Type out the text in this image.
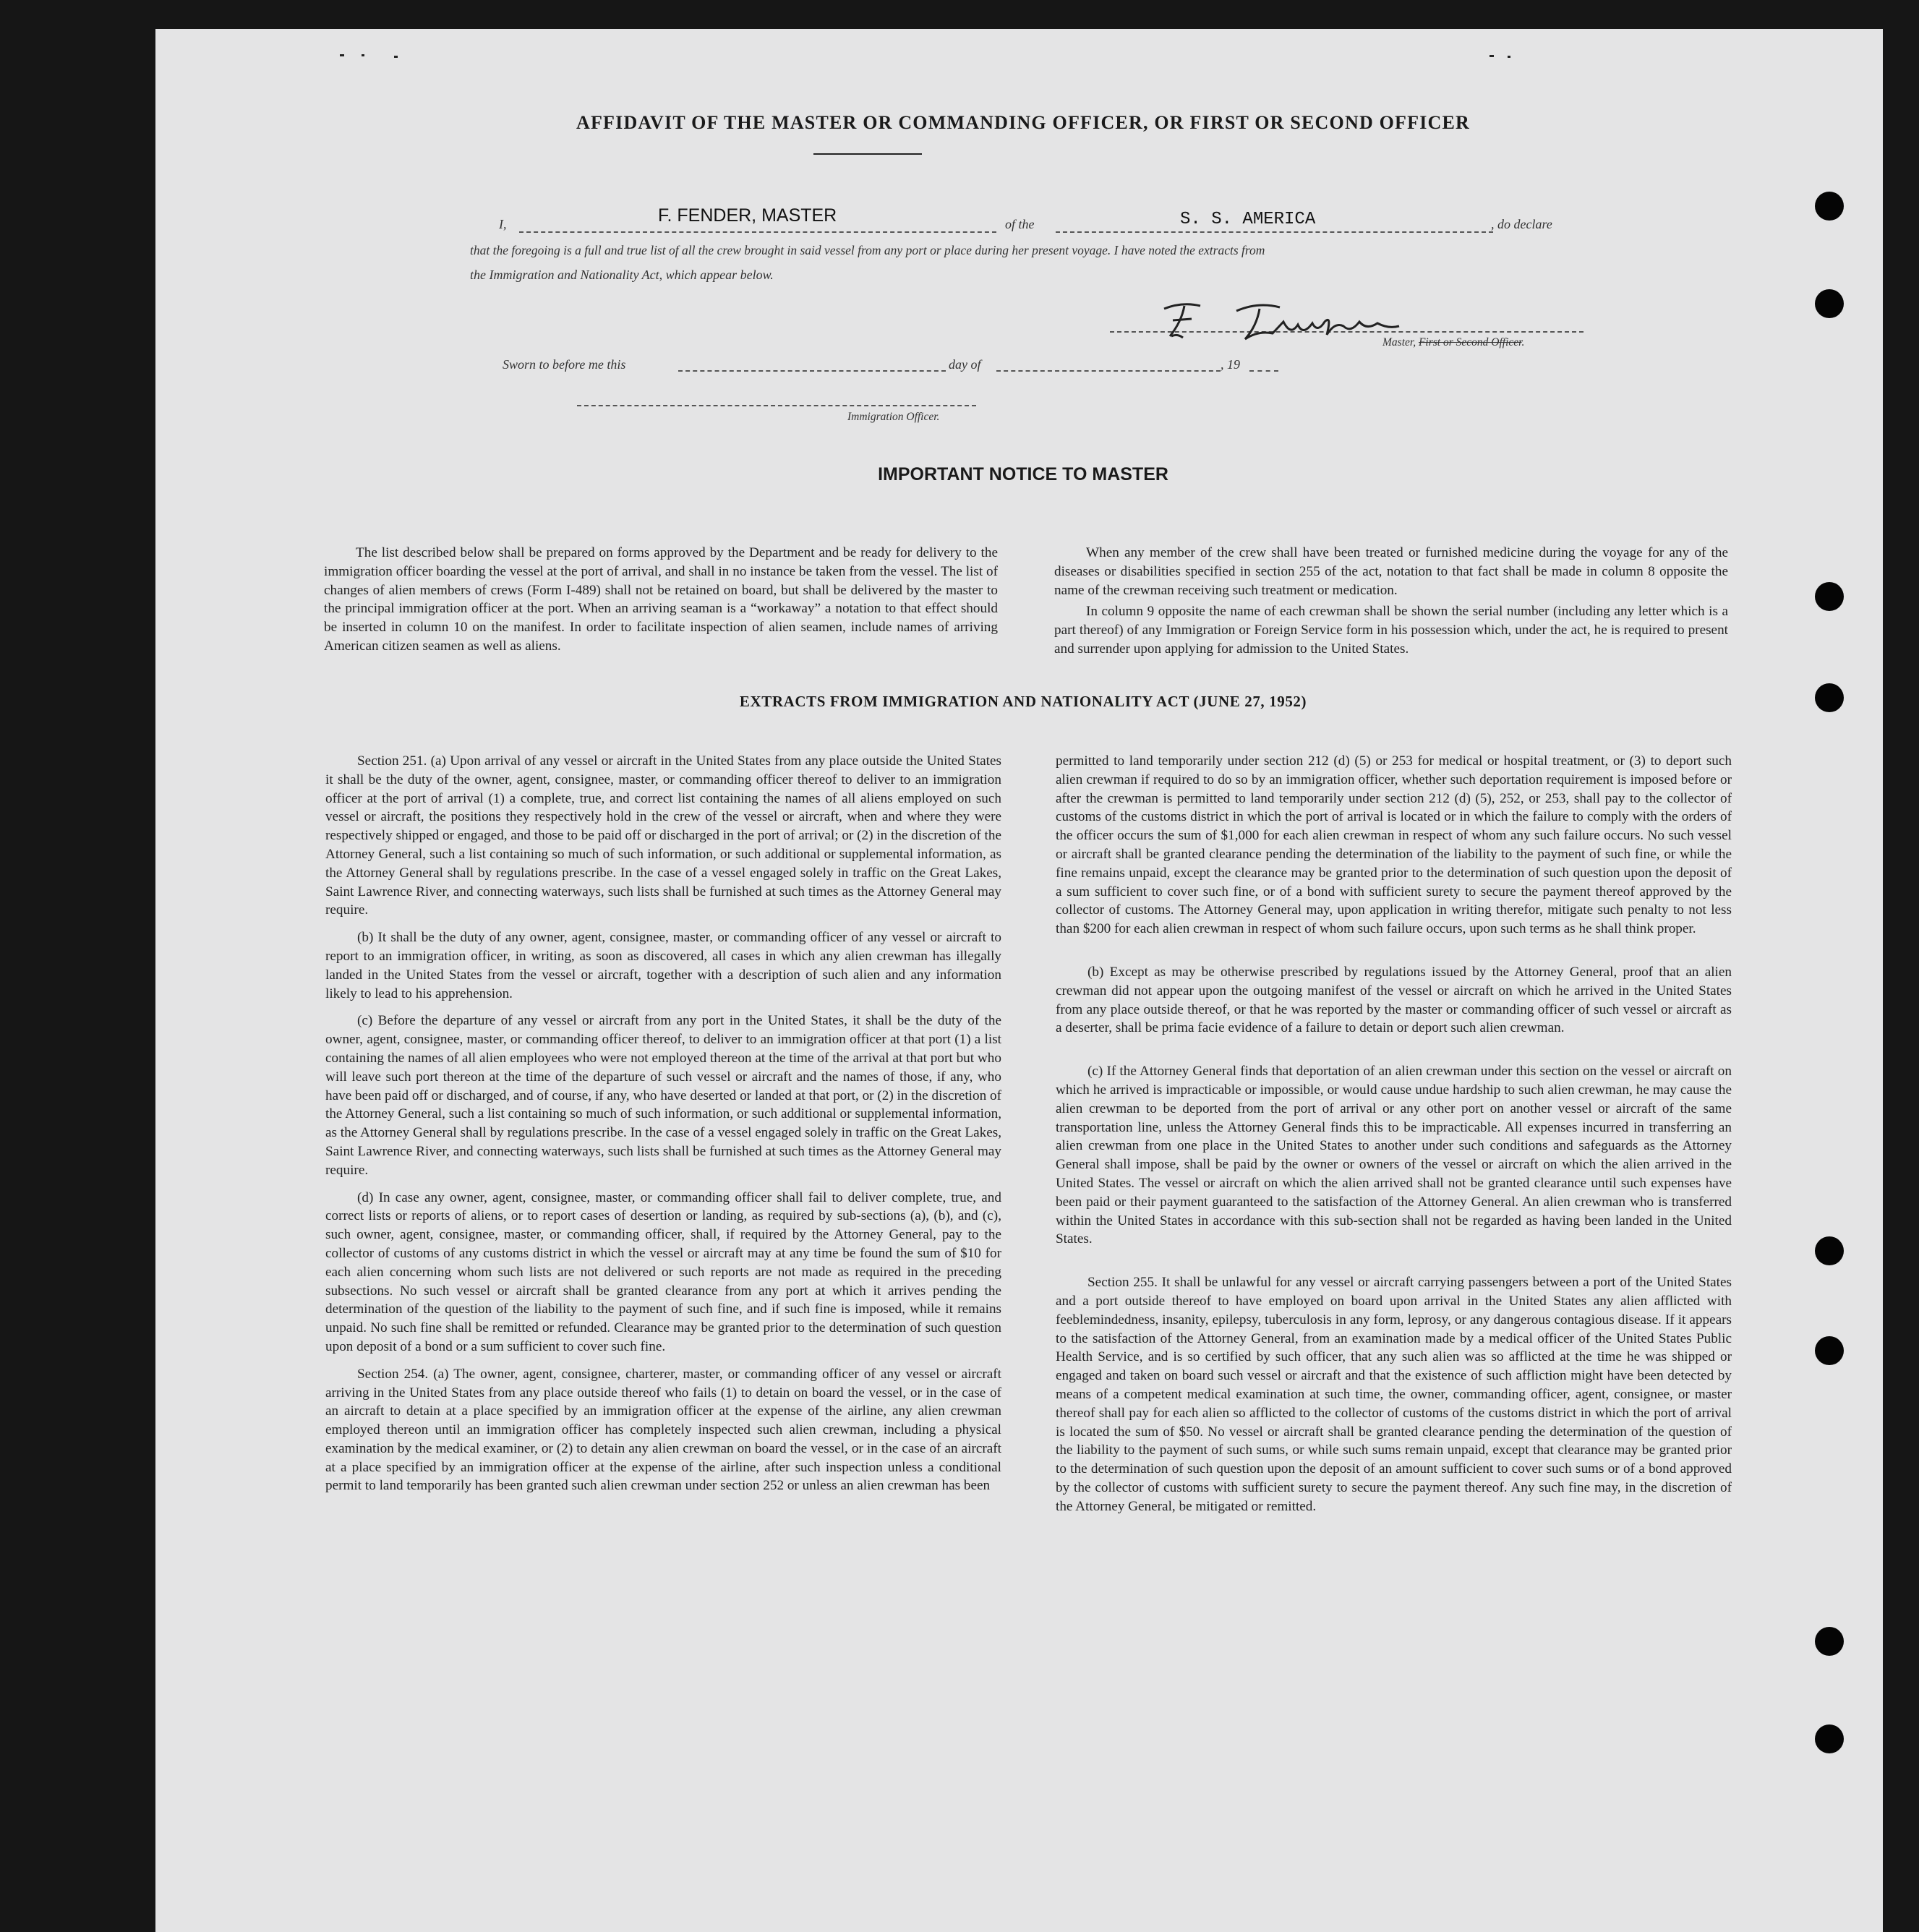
AFFIDAVIT OF THE MASTER OR COMMANDING OFFICER, OR FIRST OR SECOND OFFICER
I,	F. FENDER, MASTER	of the	S. S. AMERICA	, do declare
that the foregoing is a full and true list of all the crew brought in said vessel from any port or place during her present voyage. I have noted the extracts from
the Immigration and Nationality Act, which appear below.
F. Fender
Master, First or Second Officer.
Sworn to before me this	day of	, 19
Immigration Officer.
IMPORTANT NOTICE TO MASTER

The list described below shall be prepared on forms approved by the Department and be ready for delivery to the immigration officer boarding the vessel at the port of arrival, and shall in no instance be taken from the vessel. The list of changes of alien members of crews (Form I-489) shall not be retained on board, but shall be delivered by the master to the principal immigration officer at the port. When an arriving seaman is a “workaway” a notation to that effect should be inserted in column 10 on the manifest. In order to facilitate inspection of alien seamen, include names of arriving American citizen seamen as well as aliens.

When any member of the crew shall have been treated or furnished medicine during the voyage for any of the diseases or disabilities specified in section 255 of the act, notation to that fact shall be made in column 8 opposite the name of the crewman receiving such treatment or medication.

In column 9 opposite the name of each crewman shall be shown the serial number (including any letter which is a part thereof) of any Immigration or Foreign Service form in his possession which, under the act, he is required to present and surrender upon applying for admission to the United States.

EXTRACTS FROM IMMIGRATION AND NATIONALITY ACT (JUNE 27, 1952)

Section 251. (a) Upon arrival of any vessel or aircraft in the United States from any place outside the United States it shall be the duty of the owner, agent, consignee, master, or commanding officer thereof to deliver to an immigration officer at the port of arrival (1) a complete, true, and correct list containing the names of all aliens employed on such vessel or aircraft, the positions they respectively hold in the crew of the vessel or aircraft, when and where they were respectively shipped or engaged, and those to be paid off or discharged in the port of arrival; or (2) in the discretion of the Attorney General, such a list containing so much of such information, or such additional or supplemental information, as the Attorney General shall by regulations prescribe. In the case of a vessel engaged solely in traffic on the Great Lakes, Saint Lawrence River, and connecting waterways, such lists shall be furnished at such times as the Attorney General may require.

(b) It shall be the duty of any owner, agent, consignee, master, or commanding officer of any vessel or aircraft to report to an immigration officer, in writing, as soon as discovered, all cases in which any alien crewman has illegally landed in the United States from the vessel or aircraft, together with a description of such alien and any information likely to lead to his apprehension.

(c) Before the departure of any vessel or aircraft from any port in the United States, it shall be the duty of the owner, agent, consignee, master, or commanding officer thereof, to deliver to an immigration officer at that port (1) a list containing the names of all alien employees who were not employed thereon at the time of the arrival at that port but who will leave such port thereon at the time of the departure of such vessel or aircraft and the names of those, if any, who have been paid off or discharged, and of course, if any, who have deserted or landed at that port, or (2) in the discretion of the Attorney General, such a list containing so much of such information, or such additional or supplemental information, as the Attorney General shall by regulations prescribe. In the case of a vessel engaged solely in traffic on the Great Lakes, Saint Lawrence River, and connecting waterways, such lists shall be furnished at such times as the Attorney General may require.

(d) In case any owner, agent, consignee, master, or commanding officer shall fail to deliver complete, true, and correct lists or reports of aliens, or to report cases of desertion or landing, as required by sub-sections (a), (b), and (c), such owner, agent, consignee, master, or commanding officer, shall, if required by the Attorney General, pay to the collector of customs of any customs district in which the vessel or aircraft may at any time be found the sum of $10 for each alien concerning whom such lists are not delivered or such reports are not made as required in the preceding subsections. No such vessel or aircraft shall be granted clearance from any port at which it arrives pending the determination of the question of the liability to the payment of such fine, and if such fine is imposed, while it remains unpaid. No such fine shall be remitted or refunded. Clearance may be granted prior to the determination of such question upon deposit of a bond or a sum sufficient to cover such fine.

Section 254. (a) The owner, agent, consignee, charterer, master, or commanding officer of any vessel or aircraft arriving in the United States from any place outside thereof who fails (1) to detain on board the vessel, or in the case of an aircraft to detain at a place specified by an immigration officer at the expense of the airline, any alien crewman employed thereon until an immigration officer has completely inspected such alien crewman, including a physical examination by the medical examiner, or (2) to detain any alien crewman on board the vessel, or in the case of an aircraft at a place specified by an immigration officer at the expense of the airline, after such inspection unless a conditional permit to land temporarily has been granted such alien crewman under section 252 or unless an alien crewman has been

permitted to land temporarily under section 212 (d) (5) or 253 for medical or hospital treatment, or (3) to deport such alien crewman if required to do so by an immigration officer, whether such deportation requirement is imposed before or after the crewman is permitted to land temporarily under section 212 (d) (5), 252, or 253, shall pay to the collector of customs of the customs district in which the port of arrival is located or in which the failure to comply with the orders of the officer occurs the sum of $1,000 for each alien crewman in respect of whom any such failure occurs. No such vessel or aircraft shall be granted clearance pending the determination of the liability to the payment of such fine, or while the fine remains unpaid, except the clearance may be granted prior to the determination of such question upon the deposit of a sum sufficient to cover such fine, or of a bond with sufficient surety to secure the payment thereof approved by the collector of customs. The Attorney General may, upon application in writing therefor, mitigate such penalty to not less than $200 for each alien crewman in respect of whom such failure occurs, upon such terms as he shall think proper.

(b) Except as may be otherwise prescribed by regulations issued by the Attorney General, proof that an alien crewman did not appear upon the outgoing manifest of the vessel or aircraft on which he arrived in the United States from any place outside thereof, or that he was reported by the master or commanding officer of such vessel or aircraft as a deserter, shall be prima facie evidence of a failure to detain or deport such alien crewman.

(c) If the Attorney General finds that deportation of an alien crewman under this section on the vessel or aircraft on which he arrived is impracticable or impossible, or would cause undue hardship to such alien crewman, he may cause the alien crewman to be deported from the port of arrival or any other port on another vessel or aircraft of the same transportation line, unless the Attorney General finds this to be impracticable. All expenses incurred in transferring an alien crewman from one place in the United States to another under such conditions and safeguards as the Attorney General shall impose, shall be paid by the owner or owners of the vessel or aircraft on which the alien arrived in the United States. The vessel or aircraft on which the alien arrived shall not be granted clearance until such expenses have been paid or their payment guaranteed to the satisfaction of the Attorney General. An alien crewman who is transferred within the United States in accordance with this sub-section shall not be regarded as having been landed in the United States.

Section 255. It shall be unlawful for any vessel or aircraft carrying passengers between a port of the United States and a port outside thereof to have employed on board upon arrival in the United States any alien afflicted with feeblemindedness, insanity, epilepsy, tuberculosis in any form, leprosy, or any dangerous contagious disease. If it appears to the satisfaction of the Attorney General, from an examination made by a medical officer of the United States Public Health Service, and is so certified by such officer, that any such alien was so afflicted at the time he was shipped or engaged and taken on board such vessel or aircraft and that the existence of such affliction might have been detected by means of a competent medical examination at such time, the owner, commanding officer, agent, consignee, or master thereof shall pay for each alien so afflicted to the collector of customs of the customs district in which the port of arrival is located the sum of $50. No vessel or aircraft shall be granted clearance pending the determination of the question of the liability to the payment of such sums, or while such sums remain unpaid, except that clearance may be granted prior to the determination of such question upon the deposit of an amount sufficient to cover such sums or of a bond approved by the collector of customs with sufficient surety to secure the payment thereof. Any such fine may, in the discretion of the Attorney General, be mitigated or remitted.
